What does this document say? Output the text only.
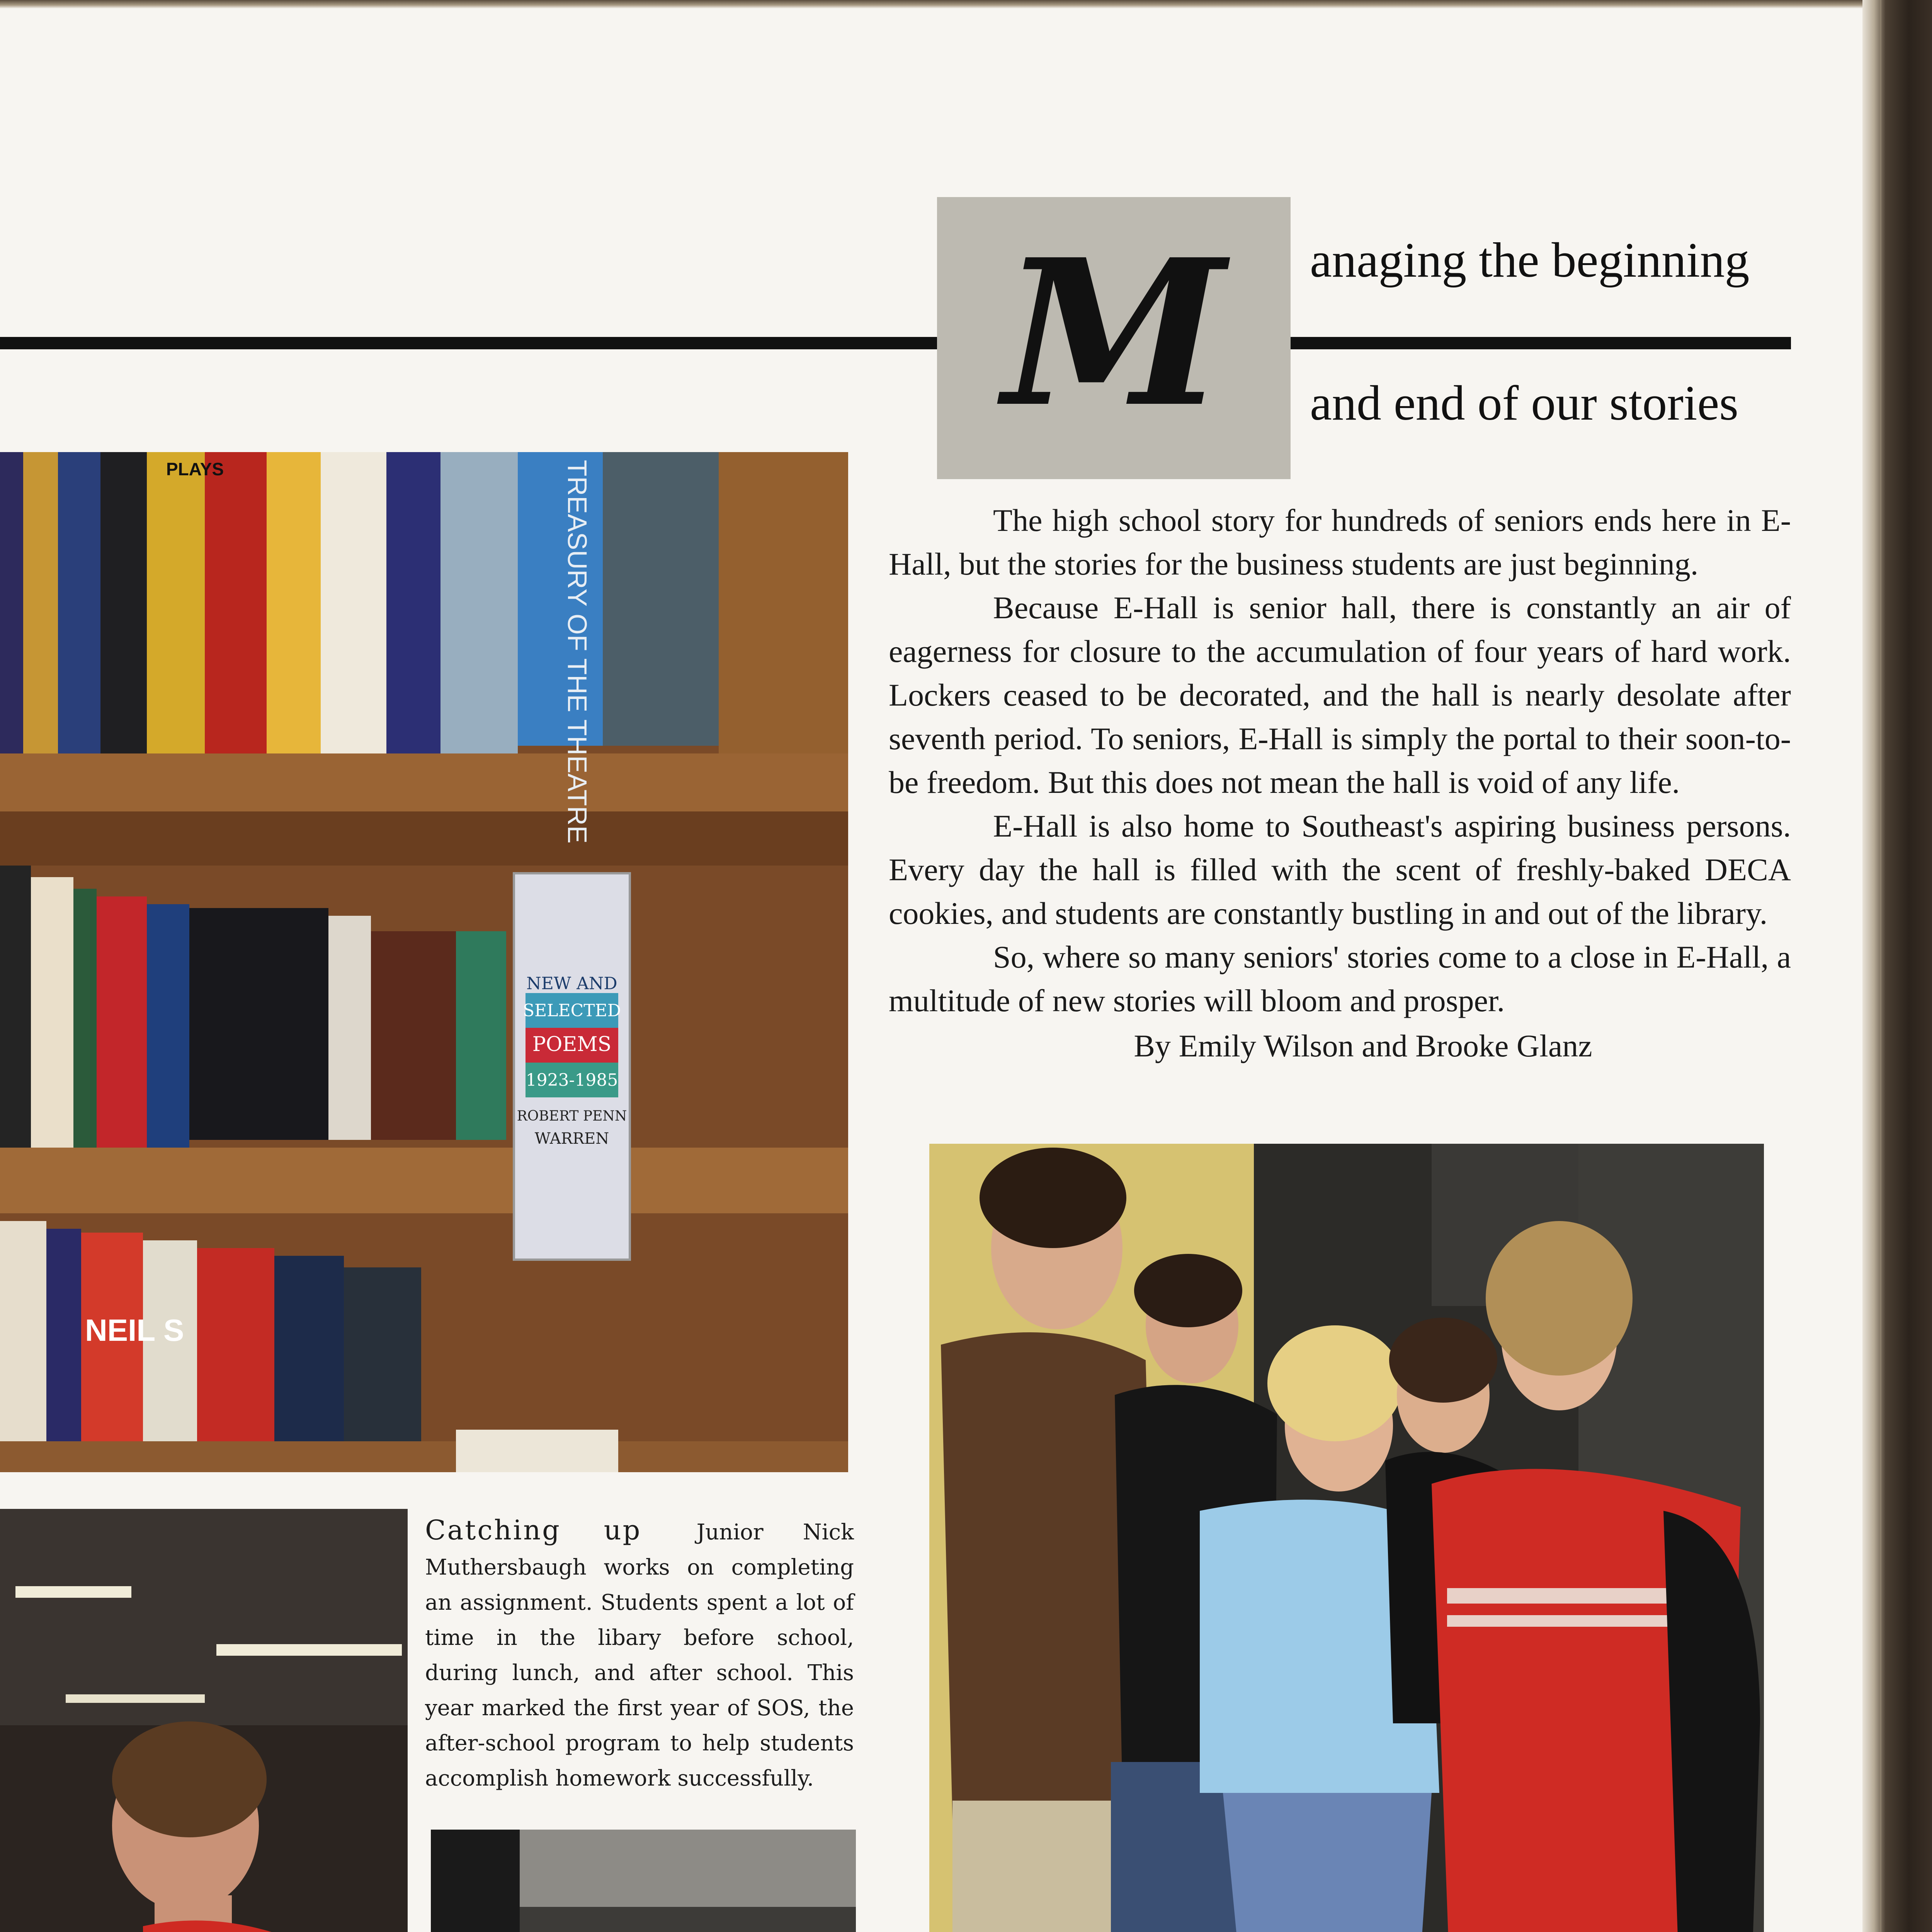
M anaging the beginning
and end of our stories

The high school story for hundreds of seniors ends here in E-Hall, but the stories for the business students are just beginning.

Because E-Hall is senior hall, there is constantly an air of eagerness for closure to the accumulation of four years of hard work. Lockers ceased to be decorated, and the hall is nearly desolate after seventh period. To seniors, E-Hall is simply the portal to their soon-to-be freedom. But this does not mean the hall is void of any life.

E-Hall is also home to Southeast's aspiring business persons. Every day the hall is filled with the scent of freshly-baked DECA cookies, and students are constantly bustling in and out of the library.

So, where so many seniors' stories come to a close in E-Hall, a multitude of new stories will bloom and prosper.

By Emily Wilson and Brooke Glanz
PLAYS	TREASURY OF THE THEATRE
NEW AND
SELECTED
POEMS
1923-1985
ROBERT PENN
WARREN
NEIL S
Catching up	Junior Nick Muthersbaugh works on completing an assignment. Students spent a lot of time in the libary before school, during lunch, and after school. This year marked the first year of SOS, the after-school program to help students accomplish homework successfully.
